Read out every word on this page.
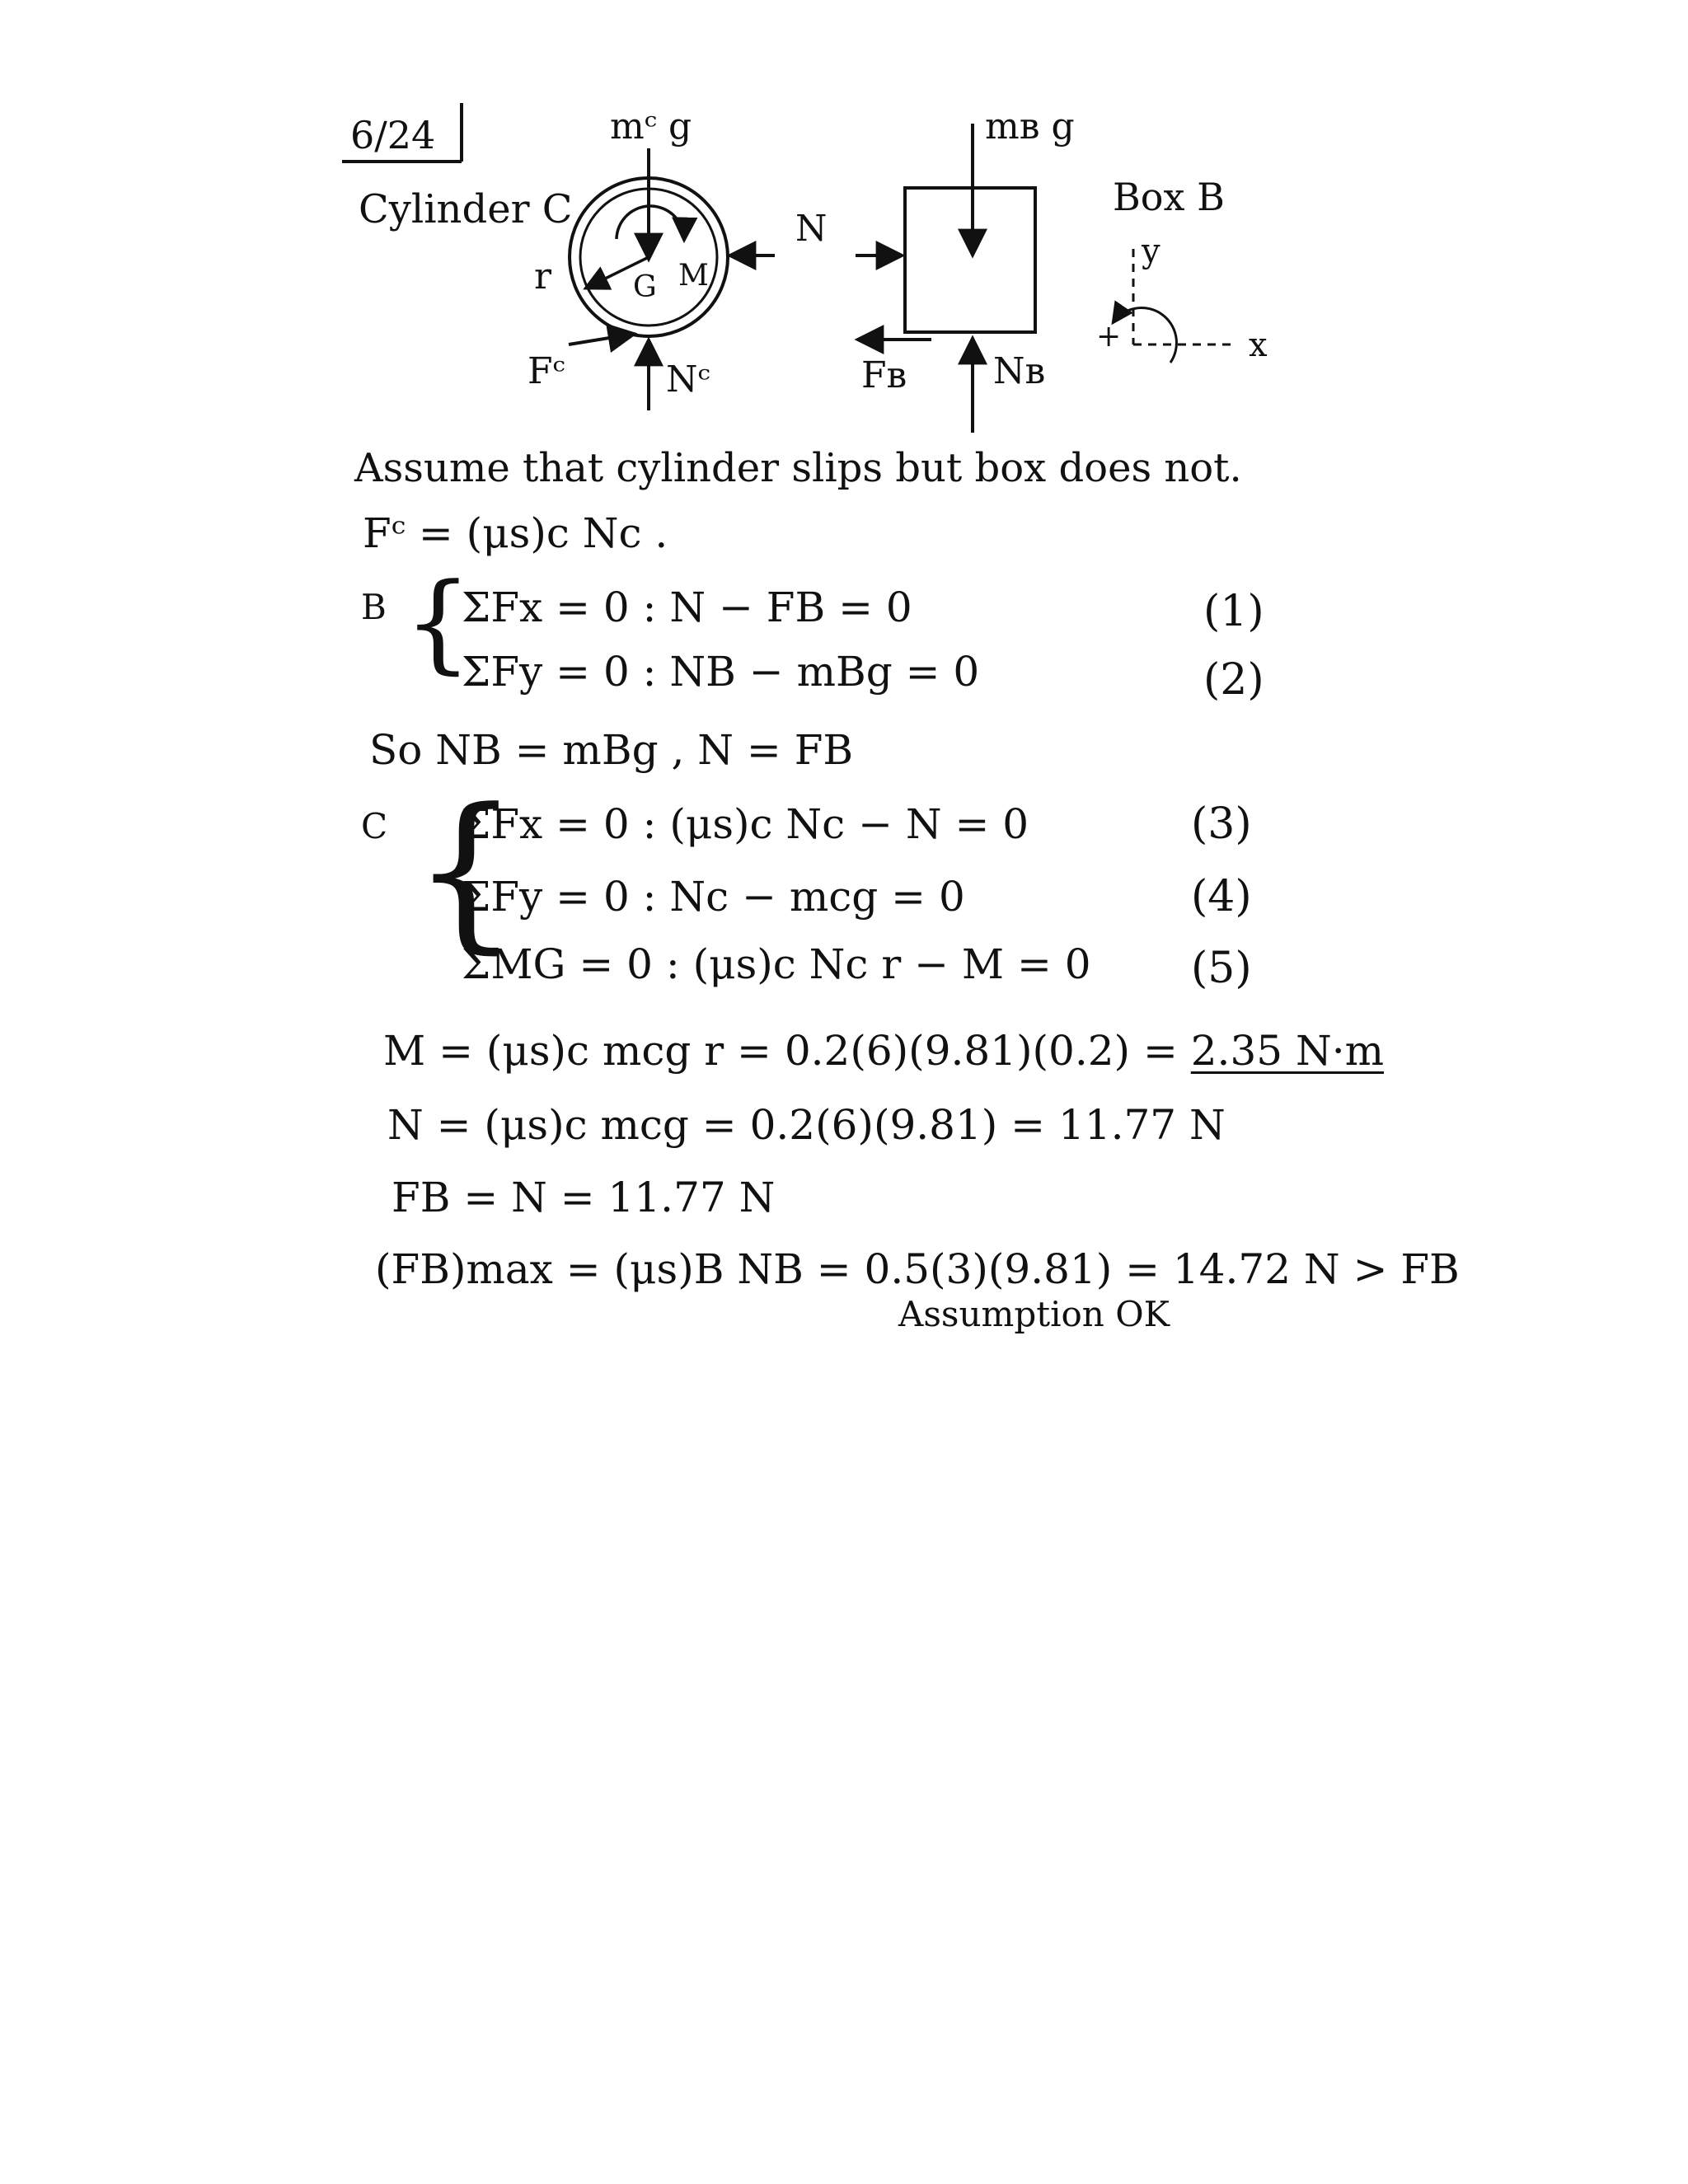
6/24
Cylinder C
mᶜ g
r	G M
N
Fᶜ	Nᶜ
mʙ g
Fʙ Nʙ
Box B
y
x
+
Assume that cylinder slips but box does not.
Fᶜ = (μs)c Nc .
B {
ΣFx = 0 : N − FB = 0	(1)
ΣFy = 0 : NB − mBg = 0	(2)
So NB = mBg , N = FB
C {
ΣFx = 0 : (μs)c Nc − N = 0	(3)
ΣFy = 0 : Nc − mcg = 0	(4)
ΣMG = 0 : (μs)c Nc r − M = 0 (5)
M = (μs)c mcg r = 0.2(6)(9.81)(0.2) = 2.35 N·m
N = (μs)c mcg = 0.2(6)(9.81) = 11.77 N
FB = N = 11.77 N
(FB)max = (μs)B NB = 0.5(3)(9.81) = 14.72 N > FB
Assumption OK
